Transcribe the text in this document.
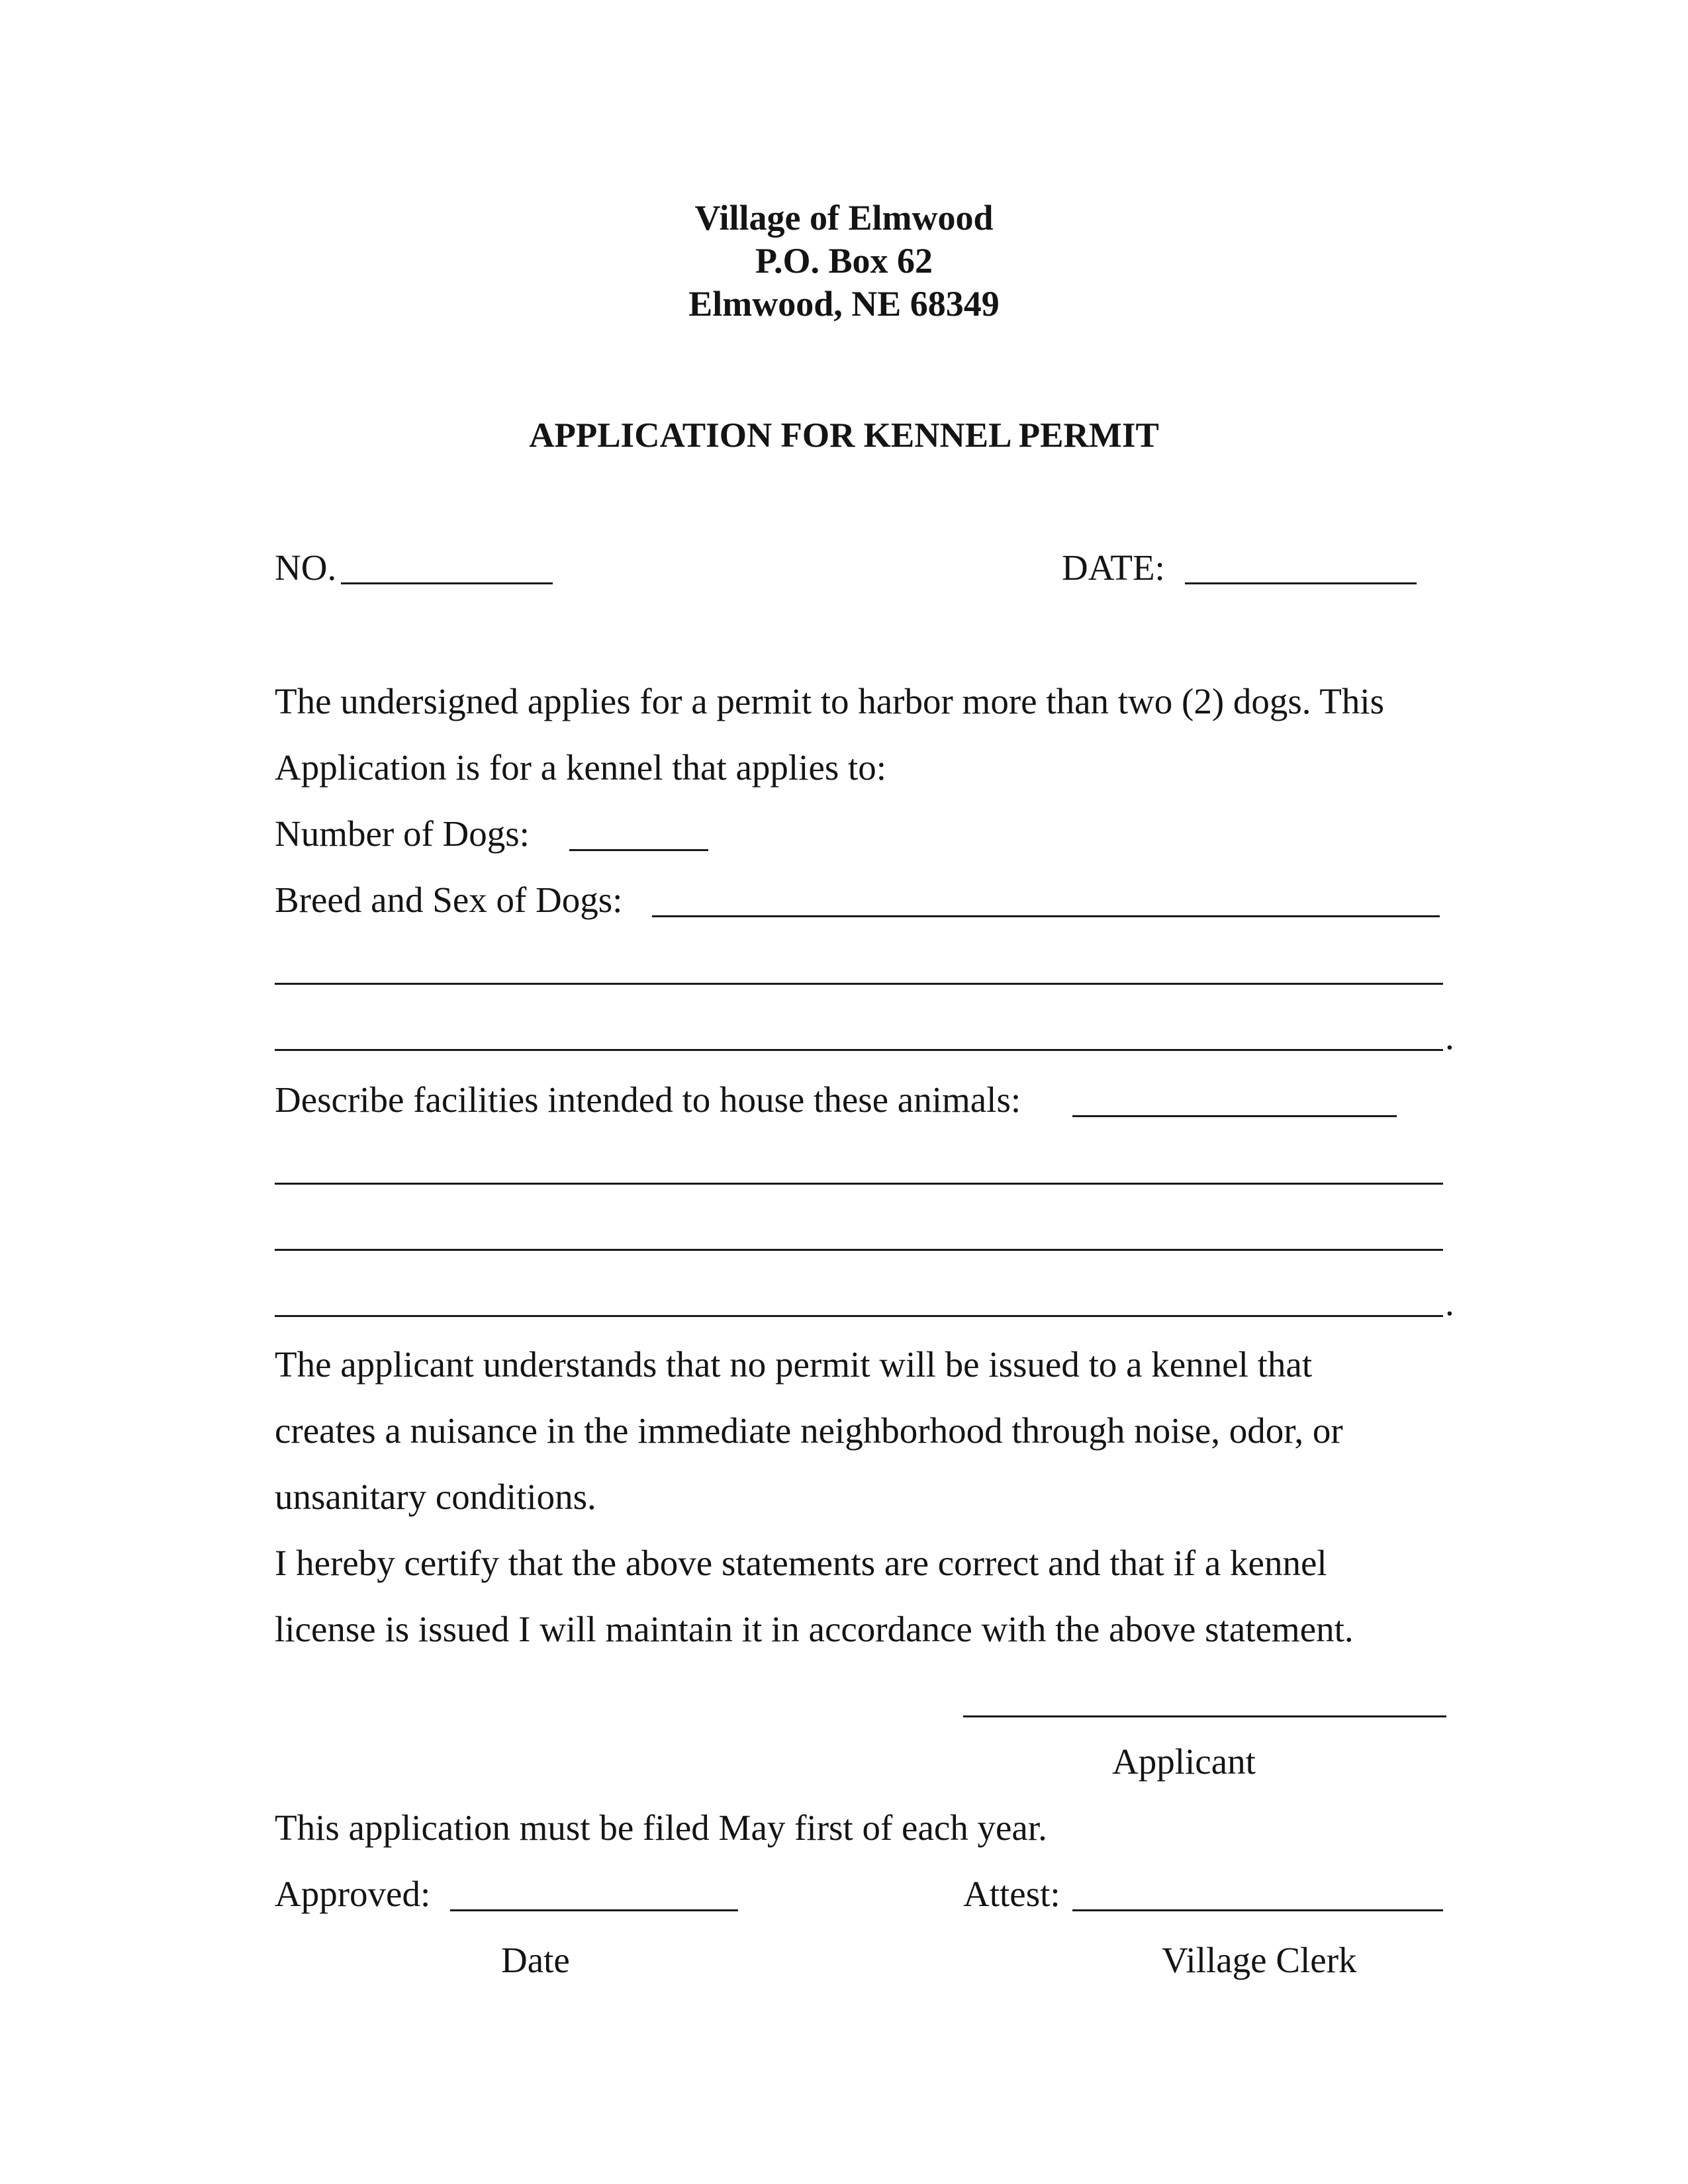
Village of Elmwood
P.O. Box 62
Elmwood, NE 68349
APPLICATION FOR KENNEL PERMIT
NO.	DATE:
The undersigned applies for a permit to harbor more than two (2) dogs. This
Application is for a kennel that applies to:
Number of Dogs:
Breed and Sex of Dogs:
.
Describe facilities intended to house these animals:
.
The applicant understands that no permit will be issued to a kennel that
creates a nuisance in the immediate neighborhood through noise, odor, or
unsanitary conditions.
I hereby certify that the above statements are correct and that if a kennel
license is issued I will maintain it in accordance with the above statement.
Applicant
This application must be filed May first of each year.
Approved:	Attest:
Date	Village Clerk
